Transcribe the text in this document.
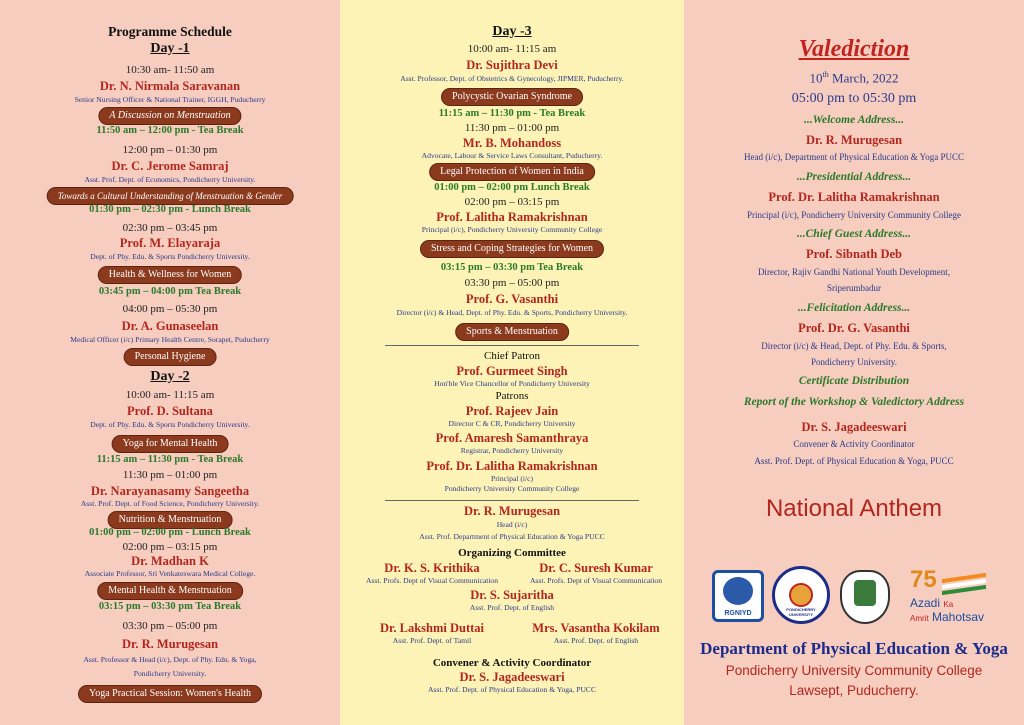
Programme Schedule
Day -1
10:30 am- 11:50 am
Dr. N. Nirmala Saravanan
Senior Nursing Officer & National Trainer, IGGH, Puducherry
A Discussion on Menstruation
11:50 am – 12:00 pm - Tea Break
12:00 pm – 01:30 pm
Dr. C. Jerome Samraj
Asst. Prof. Dept. of Economics, Pondicherry University.
Towards a Cultural Understanding of Menstruation & Gender
01:30 pm – 02:30 pm - Lunch Break
02:30 pm – 03:45 pm
Prof. M. Elayaraja
Dept. of Phy. Edu. & Sports Pondicherry University.
Health & Wellness for Women
03:45 pm – 04:00 pm Tea Break
04:00 pm – 05:30 pm
Dr. A. Gunaseelan
Medical Officer (i/c) Primary Health Centre, Sorapet, Puducherry
Personal Hygiene
Day -2
10:00 am- 11:15 am
Prof. D. Sultana
Dept. of Phy. Edu. & Sports Pondicherry University.
Yoga for Mental Health
11:15 am – 11:30 pm - Tea Break
11:30 pm – 01:00 pm
Dr. Narayanasamy Sangeetha
Asst. Prof. Dept. of Food Science, Pondicherry University.
Nutrition & Menstruation
01:00 pm – 02:00 pm - Lunch Break
02:00 pm – 03:15 pm
Dr. Madhan K
Associate Professor, Sri Venkateswara Medical College.
Mental Health & Menstruation
03:15 pm – 03:30 pm Tea Break
03:30 pm – 05:00 pm
Dr. R. Murugesan
Asst. Professor & Head (i/c), Dept. of Phy. Edu. & Yoga,
Pondicherry University.
Yoga Practical Session: Women's Health
Day -3
10:00 am- 11:15 am
Dr. Sujithra Devi
Asst. Professor, Dept. of Obstetrics & Gynecology, JIPMER, Puducherry.
Polycystic Ovarian Syndrome
11:15 am – 11:30 pm - Tea Break
11:30 pm – 01:00 pm
Mr. B. Mohandoss
Advocate, Labour & Service Laws Consultant, Puducherry.
Legal Protection of Women in India
01:00 pm – 02:00 pm Lunch Break
02:00 pm – 03:15 pm
Prof. Lalitha Ramakrishnan
Principal (i/c), Pondicherry University Community College
Stress and Coping Strategies for Women
03:15 pm – 03:30 pm Tea Break
03:30 pm – 05:00 pm
Prof. G. Vasanthi
Director (i/c) & Head, Dept. of Phy. Edu. & Sports, Pondicherry University.
Sports & Menstruation
Chief Patron
Prof. Gurmeet Singh
Hon'ble Vice Chancellor of Pondicherry University
Patrons
Prof. Rajeev Jain
Director C & CR, Pondicherry University
Prof. Amaresh Samanthraya
Registrar, Pondicherry University
Prof. Dr. Lalitha Ramakrishnan
Principal (i/c)
Pondicherry University Community College
Dr. R. Murugesan
Head (i/c)
Asst. Prof. Department of Physical Education & Yoga PUCC
Organizing Committee
Dr. K. S. Krithika
Asst. Profs. Dept of Visual Communication
Dr. C. Suresh Kumar
Asst. Profs. Dept of Visual Communication
Dr. S. Sujaritha
Asst. Prof. Dept. of English
Dr. Lakshmi Duttai
Asst. Prof. Dept. of Tamil
Mrs. Vasantha Kokilam
Asst. Prof. Dept. of English
Convener & Activity Coordinator
Dr. S. Jagadeeswari
Asst. Prof. Dept. of Physical Education & Yoga, PUCC
Valediction
10th March, 2022
05:00 pm to 05:30 pm
...Welcome Address...
Dr. R. Murugesan
Head (i/c), Department of Physical Education & Yoga PUCC
...Presidential Address...
Prof. Dr. Lalitha Ramakrishnan
Principal (i/c), Pondicherry University Community College
...Chief Guest Address...
Prof. Sibnath Deb
Director, Rajiv Gandhi National Youth Development,
Sriperumbadur
...Felicitation Address...
Prof. Dr. G. Vasanthi
Director (i/c) & Head, Dept. of Phy. Edu. & Sports,
Pondicherry University.
Certificate Distribution
Report of the Workshop & Valedictory Address
Dr. S. Jagadeeswari
Convener & Activity Coordinator
Asst. Prof. Dept. of Physical Education & Yoga, PUCC
National Anthem
RGNIYD
PONDICHERRY UNIVERSITY
75
Azadi Ka
Amrit Mahotsav
Department of Physical Education & Yoga
Pondicherry University Community College
Lawsept, Puducherry.
